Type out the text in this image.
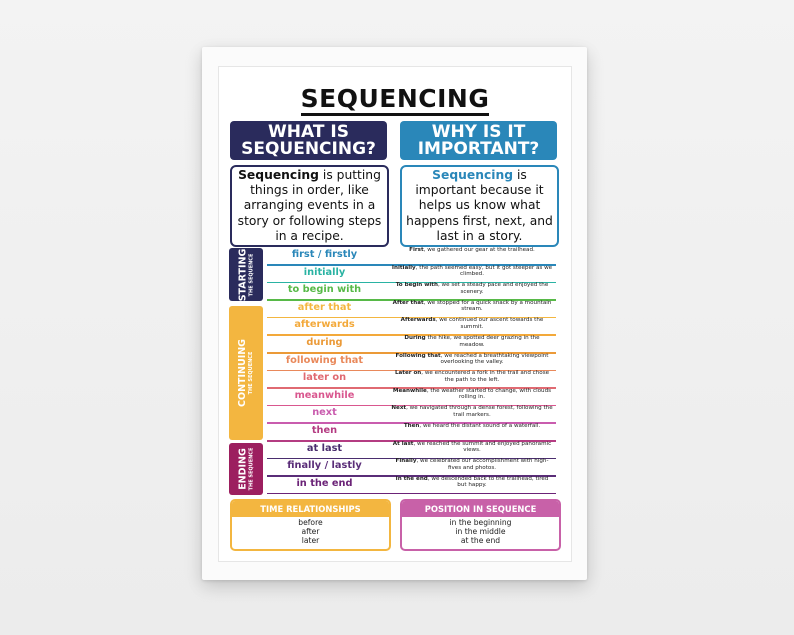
SEQUENCING
WHAT IS SEQUENCING?
WHY IS IT IMPORTANT?
Sequencing is putting things in order, like arranging events in a story or following steps in a recipe.
Sequencing is important because it helps us know what happens first, next, and last in a story.
STARTING THE SEQUENCE
CONTINUING THE SEQUENCE
ENDING THE SEQUENCE
first / firstly	First, we gathered our gear at the trailhead.
initially	Initially, the path seemed easy, but it got steeper as we climbed.
to begin with	To begin with, we set a steady pace and enjoyed the scenery.
after that	After that, we stopped for a quick snack by a mountain stream.
afterwards	Afterwards, we continued our ascent towards the summit.
during	During the hike, we spotted deer grazing in the meadow.
following that	Following that, we reached a breathtaking viewpoint overlooking the valley.
later on	Later on, we encountered a fork in the trail and chose the path to the left.
meanwhile	Meanwhile, the weather started to change, with clouds rolling in.
next	Next, we navigated through a dense forest, following the trail markers.
then	Then, we heard the distant sound of a waterfall.
at last	At last, we reached the summit and enjoyed panoramic views.
finally / lastly	Finally, we celebrated our accomplishment with high-fives and photos.
in the end	In the end, we descended back to the trailhead, tired but happy.
TIME RELATIONSHIPS
before
after
later
POSITION IN SEQUENCE
in the beginning
in the middle
at the end
